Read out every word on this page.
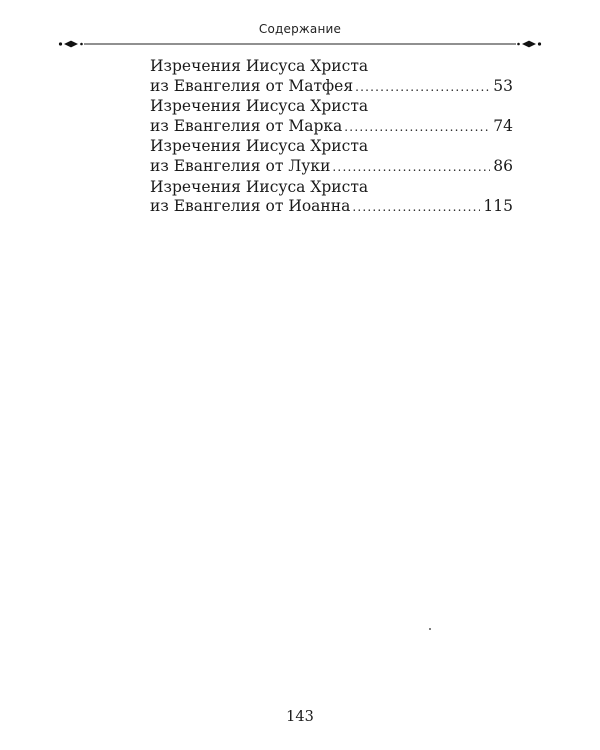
Содержание
Изречения Иисуса Христа
из Евангелия от Матфея .....	53
Изречения Иисуса Христа
из Евангелия от Марка .....	74
Изречения Иисуса Христа
из Евангелия от Луки .....	86
Изречения Иисуса Христа
из Евангелия от Иоанна .....	115
143
